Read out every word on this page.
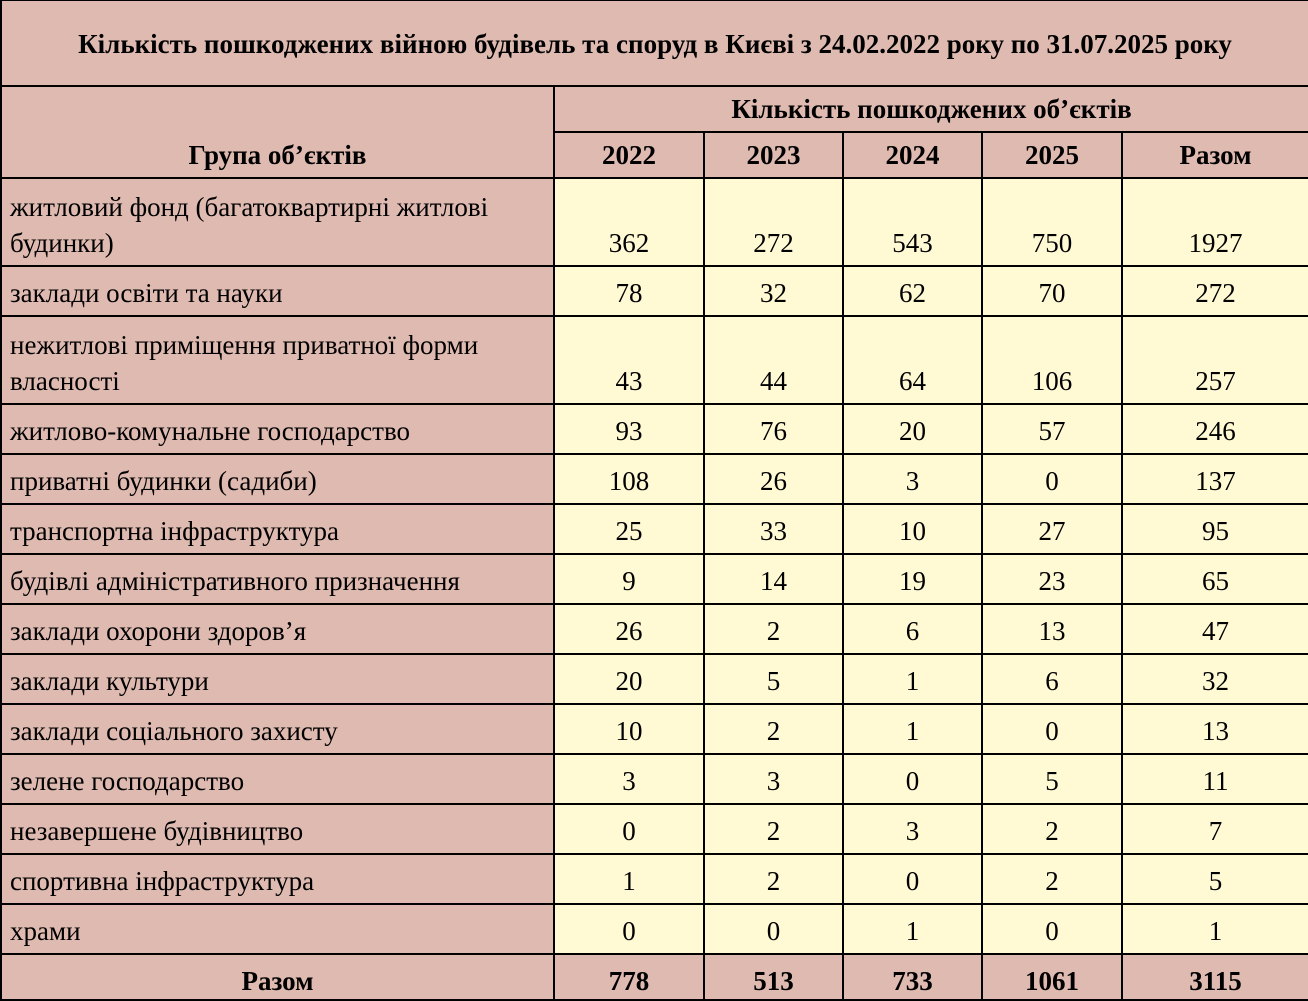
Кількість пошкоджених війною будівель та споруд в Києві з 24.02.2022 року по 31.07.2025 року					
Група об’єктів	Кількість пошкоджених об’єктів				
	2022	2023	2024	2025	Разом
житловий фонд (багатоквартирні житлові будинки)	362	272	543	750	1927
заклади освіти та науки	78	32	62	70	272
нежитлові приміщення приватної форми власності	43	44	64	106	257
житлово-комунальне господарство	93	76	20	57	246
приватні будинки (садиби)	108	26	3	0	137
транспортна інфраструктура	25	33	10	27	95
будівлі адміністративного призначення	9	14	19	23	65
заклади охорони здоров’я	26	2	6	13	47
заклади культури	20	5	1	6	32
заклади соціального захисту	10	2	1	0	13
зелене господарство	3	3	0	5	11
незавершене будівництво	0	2	3	2	7
спортивна інфраструктура	1	2	0	2	5
храми	0	0	1	0	1
Разом	778	513	733	1061	3115
